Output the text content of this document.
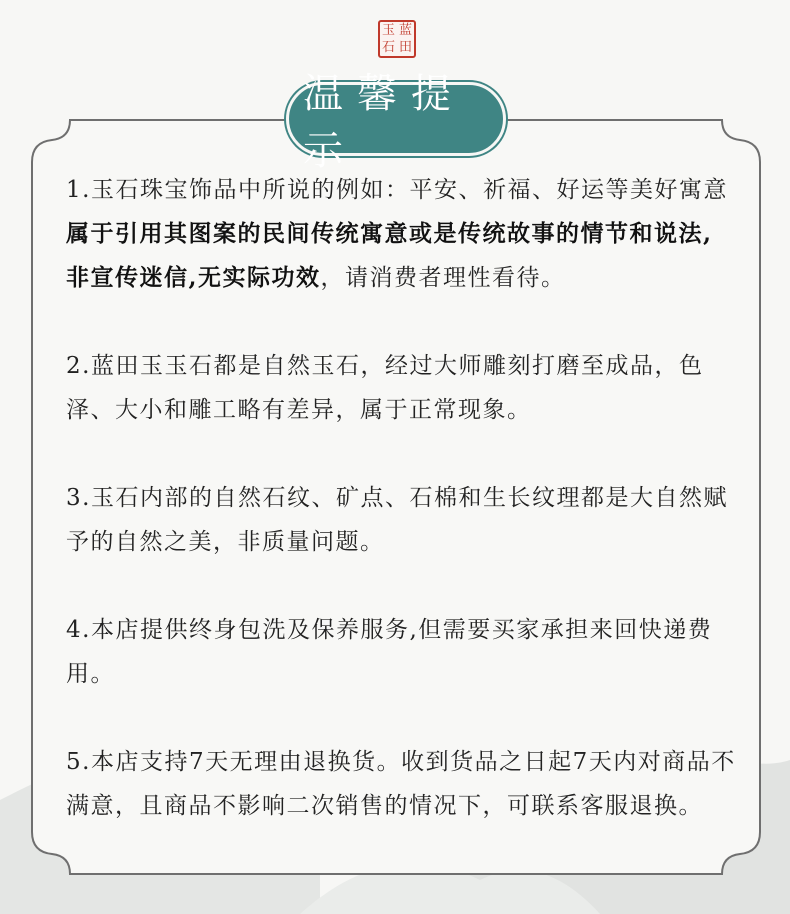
玉 蓝
石 田
温馨提示
1.玉石珠宝饰品中所说的例如：平安、祈福、好运等美好寓意属于引用其图案的民间传统寓意或是传统故事的情节和说法,非宣传迷信,无实际功效，请消费者理性看待。
2.蓝田玉玉石都是自然玉石，经过大师雕刻打磨至成品，色泽、大小和雕工略有差异，属于正常现象。
3.玉石内部的自然石纹、矿点、石棉和生长纹理都是大自然赋予的自然之美，非质量问题。
4.本店提供终身包洗及保养服务,但需要买家承担来回快递费用。
5.本店支持7天无理由退换货。收到货品之日起7天内对商品不满意，且商品不影响二次销售的情况下，可联系客服退换。
